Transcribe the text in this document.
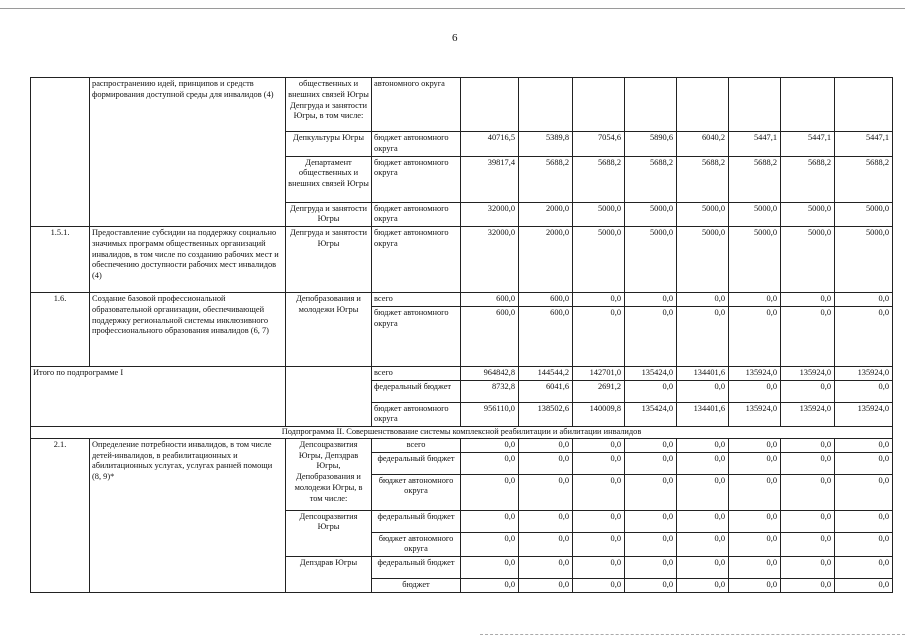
6
	распространению идей, принципов и средств формирования доступной среды для инвалидов (4)	общественных и внешних связей Югры Депгруда и занятости Югры, в том числе:	автономного округа								
		Депкультуры Югры	бюджет автономного округа	40716,5	5389,8	7054,6	5890,6	6040,2	5447,1	5447,1	5447,1
		Департамент общественных и внешних связей Югры	бюджет автономного округа	39817,4	5688,2	5688,2	5688,2	5688,2	5688,2	5688,2	5688,2
		Депгруда и занятости Югры	бюджет автономного округа	32000,0	2000,0	5000,0	5000,0	5000,0	5000,0	5000,0	5000,0
1.5.1.	Предоставление субсидии на поддержку социально значимых программ общественных организаций инвалидов, в том числе по созданию рабочих мест и обеспечению доступности рабочих мест инвалидов (4)	Депгруда и занятости Югры	бюджет автономного округа	32000,0	2000,0	5000,0	5000,0	5000,0	5000,0	5000,0	5000,0
1.6.	Создание базовой профессиональной образовательной организации, обеспечивающей поддержку региональной системы инклюзивного профессионального образования инвалидов (6, 7)	Депобразования и молодежи Югры	всего	600,0	600,0	0,0	0,0	0,0	0,0	0,0	0,0
			бюджет автономного округа	600,0	600,0	0,0	0,0	0,0	0,0	0,0	0,0
Итого по подпрограмме I			всего	964842,8	144544,2	142701,0	135424,0	134401,6	135924,0	135924,0	135924,0
			федеральный бюджет	8732,8	6041,6	2691,2	0,0	0,0	0,0	0,0	0,0
			бюджет автономного округа	956110,0	138502,6	140009,8	135424,0	134401,6	135924,0	135924,0	135924,0
Подпрограмма II. Совершенствование системы комплексной реабилитации и абилитации инвалидов											
2.1.	Определение потребности инвалидов, в том числе детей-инвалидов, в реабилитационных и абилитационных услугах, услугах ранней помощи (8, 9)*	Депсоцразвития Югры, Депздрав Югры, Депобразования и молодежи Югры, в том числе:	всего	0,0	0,0	0,0	0,0	0,0	0,0	0,0	0,0
			федеральный бюджет	0,0	0,0	0,0	0,0	0,0	0,0	0,0	0,0
			бюджет автономного округа	0,0	0,0	0,0	0,0	0,0	0,0	0,0	0,0
		Депсоцразвития Югры	федеральный бюджет	0,0	0,0	0,0	0,0	0,0	0,0	0,0	0,0
			бюджет автономного округа	0,0	0,0	0,0	0,0	0,0	0,0	0,0	0,0
		Депздрав Югры	федеральный бюджет	0,0	0,0	0,0	0,0	0,0	0,0	0,0	0,0
			бюджет	0,0	0,0	0,0	0,0	0,0	0,0	0,0	0,0
